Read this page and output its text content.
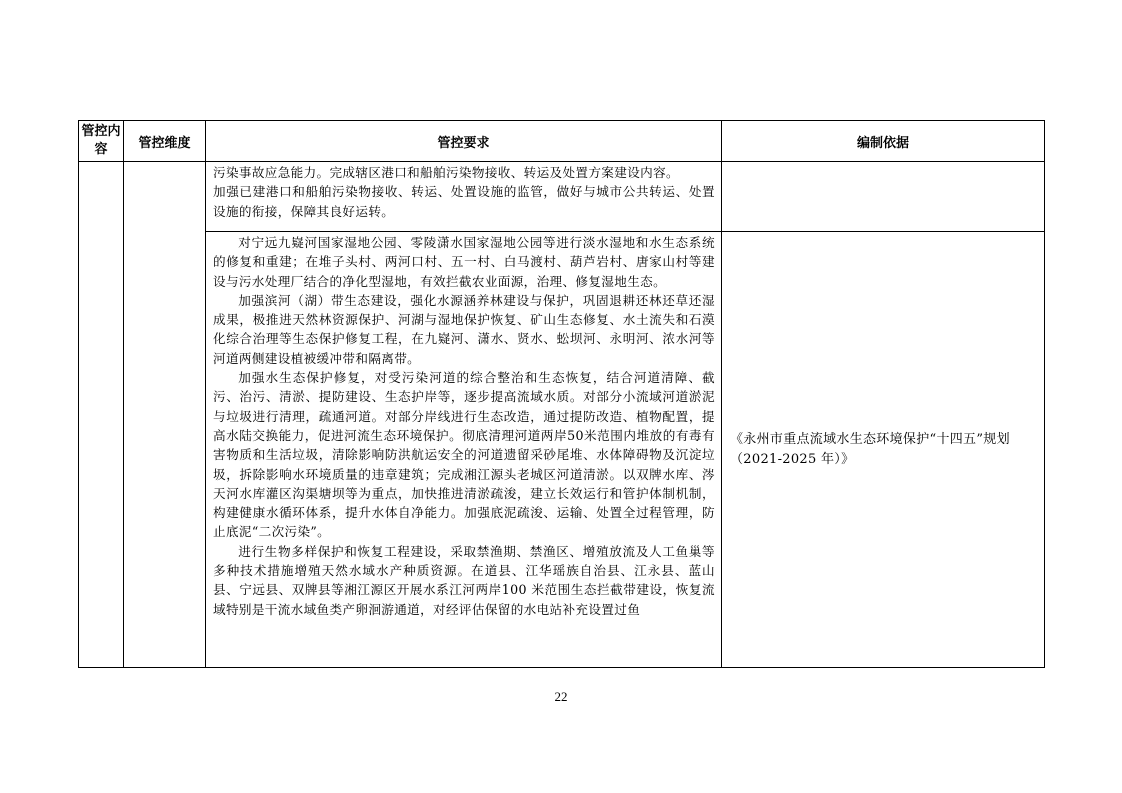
管控内容	管控维度	管控要求	编制依据

		污染事故应急能力。完成辖区港口和船舶污染物接收、转运及处置方案建设内容。

加强已建港口和船舶污染物接收、转运、处置设施的监管，做好与城市公共转运、处置设施的衔接，保障其良好运转。	

		对宁远九嶷河国家湿地公园、零陵潇水国家湿地公园等进行淡水湿地和水生态系统的修复和重建；在堆子头村、两河口村、五一村、白马渡村、葫芦岩村、唐家山村等建设与污水处理厂结合的净化型湿地，有效拦截农业面源，治理、修复湿地生态。

加强滨河（湖）带生态建设，强化水源涵养林建设与保护，巩固退耕还林还草还湿成果，极推进天然林资源保护、河湖与湿地保护恢复、矿山生态修复、水土流失和石漠化综合治理等生态保护修复工程，在九嶷河、潇水、贤水、蚣坝河、永明河、浓水河等河道两侧建设植被缓冲带和隔离带。

加强水生态保护修复，对受污染河道的综合整治和生态恢复，结合河道清障、截污、治污、清淤、提防建设、生态护岸等，逐步提高流域水质。对部分小流域河道淤泥与垃圾进行清理，疏通河道。对部分岸线进行生态改造，通过提防改造、植物配置，提高水陆交换能力，促进河流生态环境保护。彻底清理河道两岸50米范围内堆放的有毒有害物质和生活垃圾，清除影响防洪航运安全的河道遗留采砂尾堆、水体障碍物及沉淀垃圾，拆除影响水环境质量的违章建筑；完成湘江源头老城区河道清淤。以双牌水库、涔天河水库灌区沟渠塘坝等为重点，加快推进清淤疏浚，建立长效运行和管护体制机制，构建健康水循环体系，提升水体自净能力。加强底泥疏浚、运输、处置全过程管理，防止底泥“二次污染”。

进行生物多样保护和恢复工程建设，采取禁渔期、禁渔区、增殖放流及人工鱼巢等多种技术措施增殖天然水域水产种质资源。在道县、江华瑶族自治县、江永县、蓝山县、宁远县、双牌县等湘江源区开展水系江河两岸100 米范围生态拦截带建设，恢复流域特别是干流水域鱼类产卵洄游通道，对经评估保留的水电站补充设置过鱼	《永州市重点流域水生态环境保护“十四五”规划（2021-2025 年）》
22
